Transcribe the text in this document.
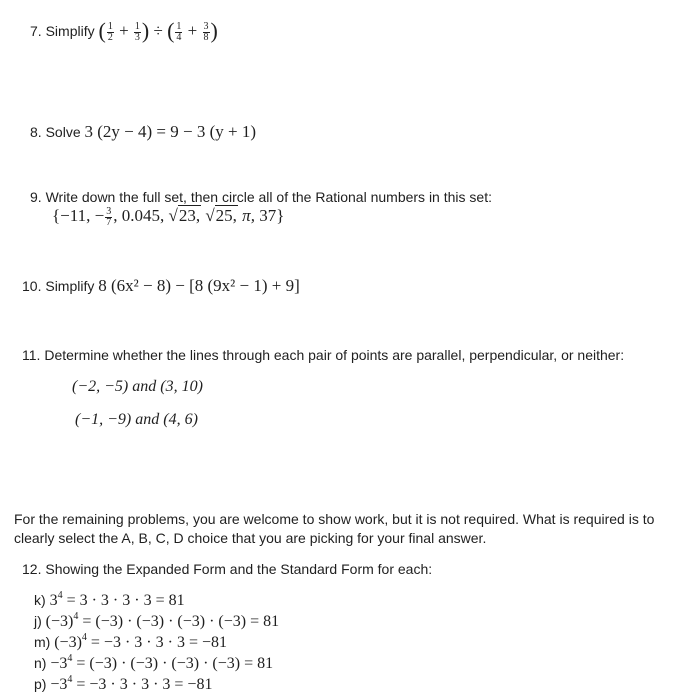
7. Simplify ( $\frac{1}{2} + \frac{1}{3}$ ) ÷ ( $\frac{1}{4} + \frac{3}{8}$ )
8. Solve 3 (2y − 4) = 9 − 3 (y + 1)
9. Write down the full set, then circle all of the Rational numbers in this set:
{−11, − $\frac{3}{7}$ , 0.045, √23, √25, π, 37}
10. Simplify 8 (6x² − 8) − [8 (9x² − 1) + 9]
11. Determine whether the lines through each pair of points are parallel, perpendicular, or neither:
(−2, −5) and (3, 10)
(−1, −9) and (4, 6)
For the remaining problems, you are welcome to show work, but it is not required. What is required is to clearly select the A, B, C, D choice that you are picking for your final answer.
12. Showing the Expanded Form and the Standard Form for each:
k) $3^4 = 3 \cdot 3 \cdot 3 \cdot 3 = 81$
j) $(-3)^4 = (-3) \cdot (-3) \cdot (-3) \cdot (-3) = 81$
m) $(-3)^4 = -3 \cdot 3 \cdot 3 \cdot 3 = -81$
$n) -3^4 = (-3) \cdot (-3) \cdot (-3) \cdot (-3) = 81$
$p) -3^4 = -3 \cdot 3 \cdot 3 \cdot 3 = -81$
